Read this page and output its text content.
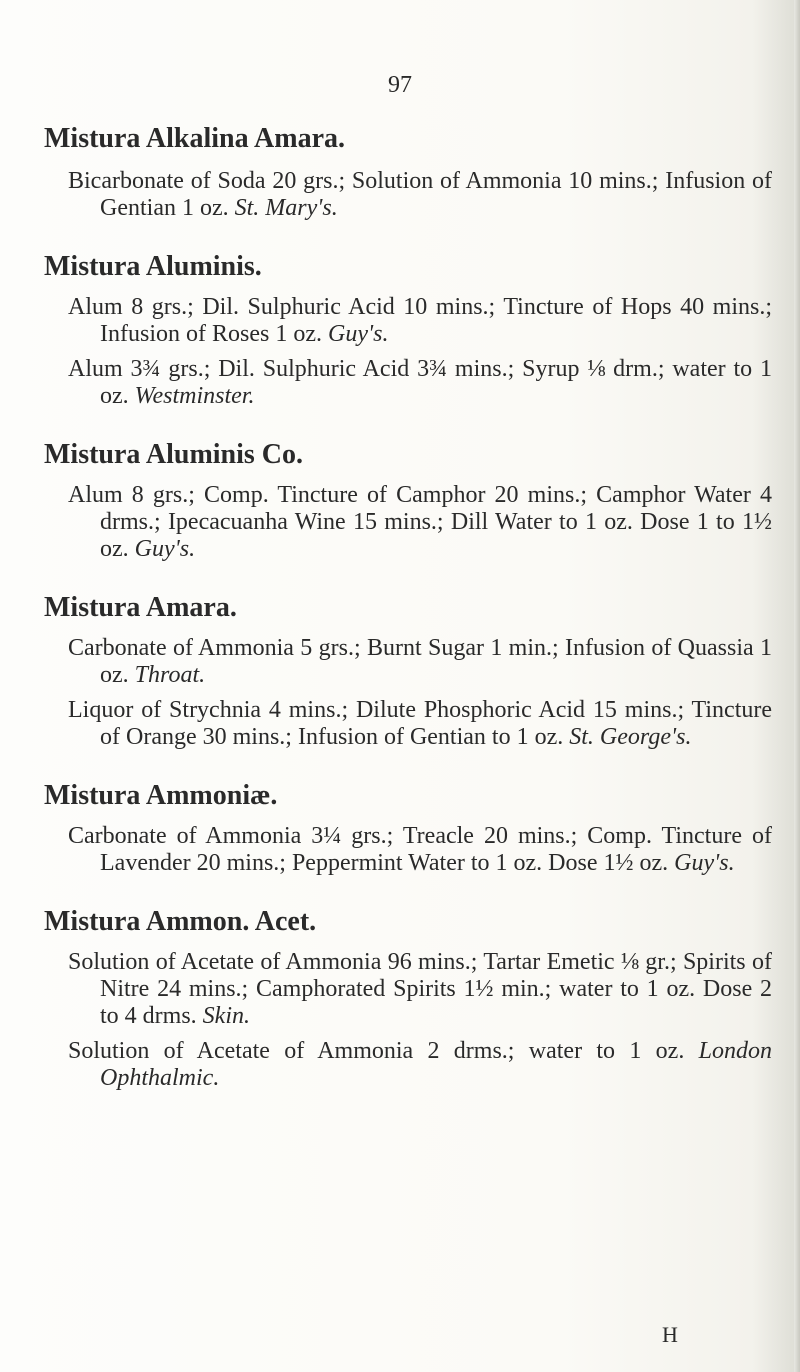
97
Mistura Alkalina Amara.

Bicarbonate of Soda 20 grs.; Solution of Ammonia 10 mins.; Infusion of Gentian 1 oz. St. Mary's.

Mistura Aluminis.

Alum 8 grs.; Dil. Sulphuric Acid 10 mins.; Tincture of Hops 40 mins.; Infusion of Roses 1 oz. Guy's.

Alum 3¾ grs.; Dil. Sulphuric Acid 3¾ mins.; Syrup ⅛ drm.; water to 1 oz. Westminster.

Mistura Aluminis Co.

Alum 8 grs.; Comp. Tincture of Camphor 20 mins.; Camphor Water 4 drms.; Ipecacuanha Wine 15 mins.; Dill Water to 1 oz. Dose 1 to 1½ oz. Guy's.

Mistura Amara.

Carbonate of Ammonia 5 grs.; Burnt Sugar 1 min.; Infusion of Quassia 1 oz. Throat.

Liquor of Strychnia 4 mins.; Dilute Phosphoric Acid 15 mins.; Tincture of Orange 30 mins.; Infusion of Gentian to 1 oz. St. George's.

Mistura Ammoniæ.

Carbonate of Ammonia 3¼ grs.; Treacle 20 mins.; Comp. Tincture of Lavender 20 mins.; Peppermint Water to 1 oz. Dose 1½ oz. Guy's.

Mistura Ammon. Acet.

Solution of Acetate of Ammonia 96 mins.; Tartar Emetic ⅛ gr.; Spirits of Nitre 24 mins.; Camphorated Spirits 1½ min.; water to 1 oz. Dose 2 to 4 drms. Skin.

Solution of Acetate of Ammonia 2 drms.; water to 1 oz. London Ophthalmic.

H
